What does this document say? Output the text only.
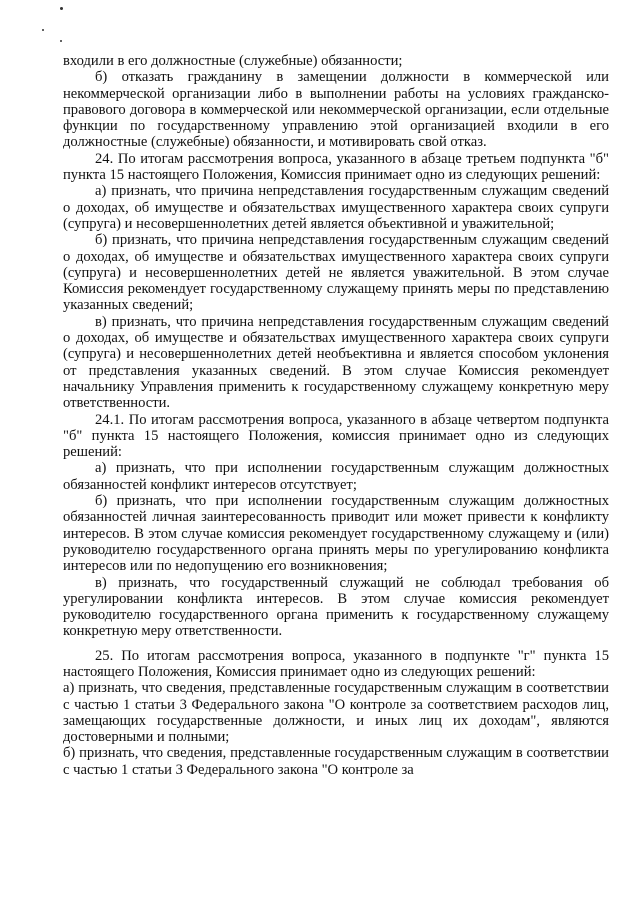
входили в его должностные (служебные) обязанности;

б) отказать гражданину в замещении должности в коммерческой или некоммерческой организации либо в выполнении работы на условиях гражданско-правового договора в коммерческой или некоммерческой организации, если отдельные функции по государственному управлению этой организацией входили в его должностные (служебные) обязанности, и мотивировать свой отказ.

24. По итогам рассмотрения вопроса, указанного в абзаце третьем подпункта "б" пункта 15 настоящего Положения, Комиссия принимает одно из следующих решений:

а) признать, что причина непредставления государственным служащим сведений о доходах, об имуществе и обязательствах имущественного характера своих супруги (супруга) и несовершеннолетних детей является объективной и уважительной;

б) признать, что причина непредставления государственным служащим сведений о доходах, об имуществе и обязательствах имущественного характера своих супруги (супруга) и несовершеннолетних детей не является уважительной. В этом случае Комиссия рекомендует государственному служащему принять меры по представлению указанных сведений;

в) признать, что причина непредставления государственным служащим сведений о доходах, об имуществе и обязательствах имущественного характера своих супруги (супруга) и несовершеннолетних детей необъективна и является способом уклонения от представления указанных сведений. В этом случае Комиссия рекомендует начальнику Управления применить к государственному служащему конкретную меру ответственности.

24.1. По итогам рассмотрения вопроса, указанного в абзаце четвертом подпункта "б" пункта 15 настоящего Положения, комиссия принимает одно из следующих решений:

а) признать, что при исполнении государственным служащим должностных обязанностей конфликт интересов отсутствует;

б) признать, что при исполнении государственным служащим должностных обязанностей личная заинтересованность приводит или может привести к конфликту интересов. В этом случае комиссия рекомендует государственному служащему и (или) руководителю государственного органа принять меры по урегулированию конфликта интересов или по недопущению его возникновения;

в) признать, что государственный служащий не соблюдал требования об урегулировании конфликта интересов. В этом случае комиссия рекомендует руководителю государственного органа применить к государственному служащему конкретную меру ответственности.

25. По итогам рассмотрения вопроса, указанного в подпункте "г" пункта 15 настоящего Положения, Комиссия принимает одно из следующих решений:

а) признать, что сведения, представленные государственным служащим в соответствии с частью 1 статьи 3 Федерального закона "О контроле за соответствием расходов лиц, замещающих государственные должности, и иных лиц их доходам", являются достоверными и полными;

б) признать, что сведения, представленные государственным служащим в соответствии с частью 1 статьи 3 Федерального закона "О контроле за
